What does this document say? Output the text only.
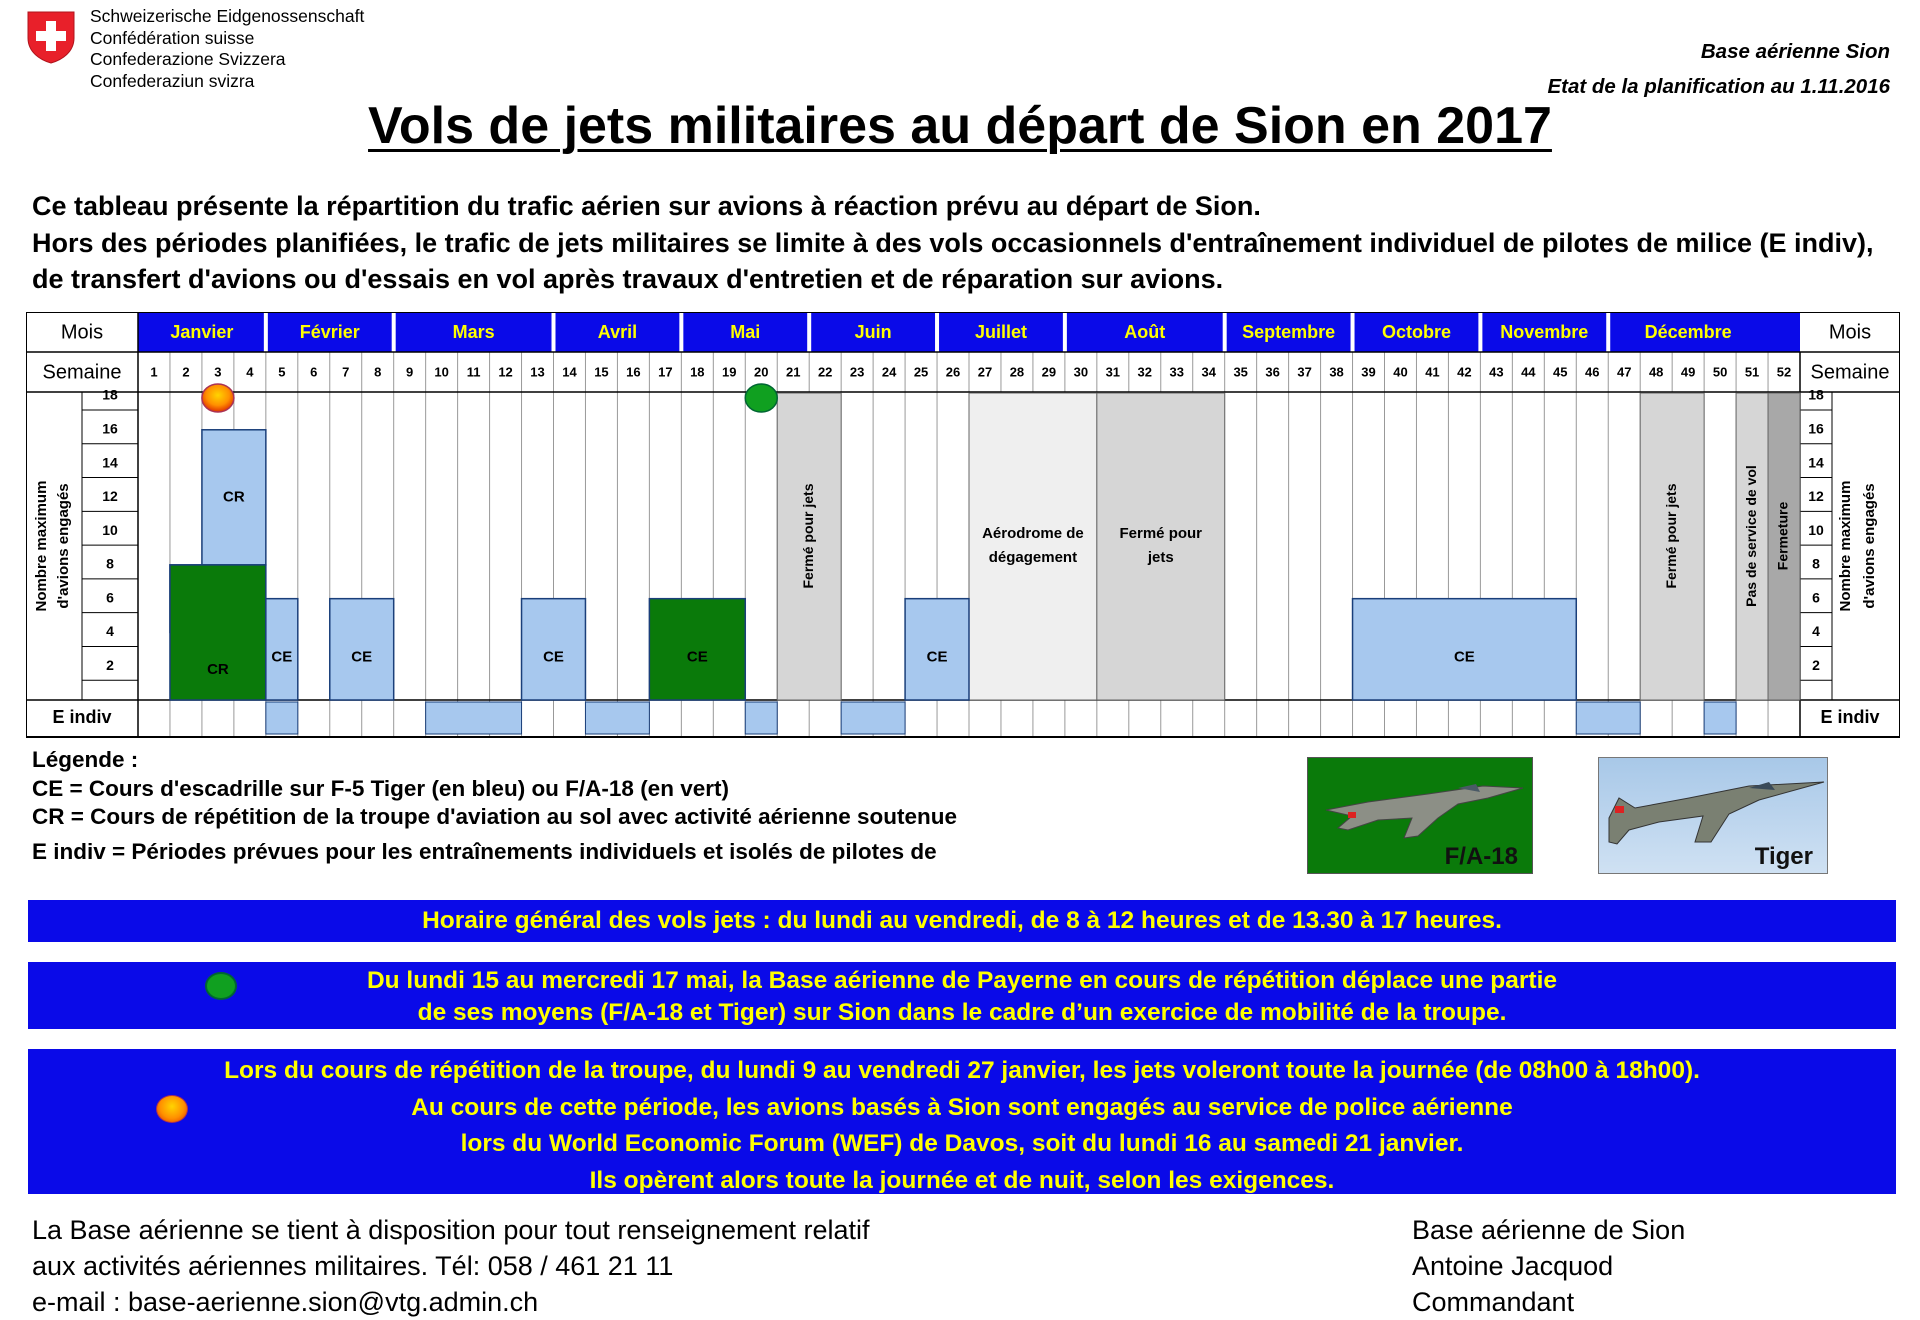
Schweizerische Eidgenossenschaft
Confédération suisse
Confederazione Svizzera
Confederaziun svizra
Base aérienne Sion
Etat de la planification au 1.11.2016
Vols de jets militaires au départ de Sion en 2017
Ce tableau présente la répartition du trafic aérien sur avions à réaction prévu au départ de Sion.
Hors des périodes planifiées, le trafic de jets militaires se limite à des vols occasionnels d'entraînement individuel de pilotes de milice (E indiv), de transfert d'avions ou d'essais en vol après travaux d'entretien et de réparation sur avions.
Janvier	Février	Mars	Avril	Mai	Juin	Juillet	Août	Septembre	Octobre	Novembre	Décembre
1 2 3 4 5 6 7 8 9 10 11 12 13 14 15 16 17 18 19 20 21 22 23 24 25 26 27 28 29 30 31 32 33 34 35 36 37 38 39 40 41 42 43 44 45 46 47 48 49 50 51 52
Mois
Semaine
E indiv
Mois
Semaine
E indiv
18	18
16	16
14	14
12	12
10	10
8	8
6	6
4	4
2	2
Nombre maximum d'avions engagés	Nombre maximum d'avions engagés
Fermé pour jets	Aérodrome de
dégagement
Fermé pour
jets	Fermé pour jets	Pas de service de vol Fermeture
CR
CR
CE	CE	CE	CE	CE	CE
Légende :
CE = Cours d'escadrille sur F-5 Tiger (en bleu) ou F/A-18 (en vert)
CR = Cours de répétition de la troupe d'aviation au sol avec activité aérienne soutenue
E indiv = Périodes prévues pour les entraînements individuels et isolés de pilotes de	F/A-18	Tiger
Horaire général des vols jets : du lundi au vendredi, de 8 à 12 heures et de 13.30 à 17 heures.
Du lundi 15 au mercredi 17 mai, la Base aérienne de Payerne en cours de répétition déplace une partie
de ses moyens (F/A-18 et Tiger) sur Sion dans le cadre d’un exercice de mobilité de la troupe.
Lors du cours de répétition de la troupe, du lundi 9 au vendredi 27 janvier, les jets voleront toute la journée (de 08h00 à 18h00).
Au cours de cette période, les avions basés à Sion sont engagés au service de police aérienne
lors du World Economic Forum (WEF) de Davos, soit du lundi 16 au samedi 21 janvier.
Ils opèrent alors toute la journée et de nuit, selon les exigences.
La Base aérienne se tient à disposition pour tout renseignement relatif
aux activités aériennes militaires. Tél: 058 / 461 21 11
e-mail : base-aerienne.sion@vtg.admin.ch
Base aérienne de Sion
Antoine Jacquod
Commandant
